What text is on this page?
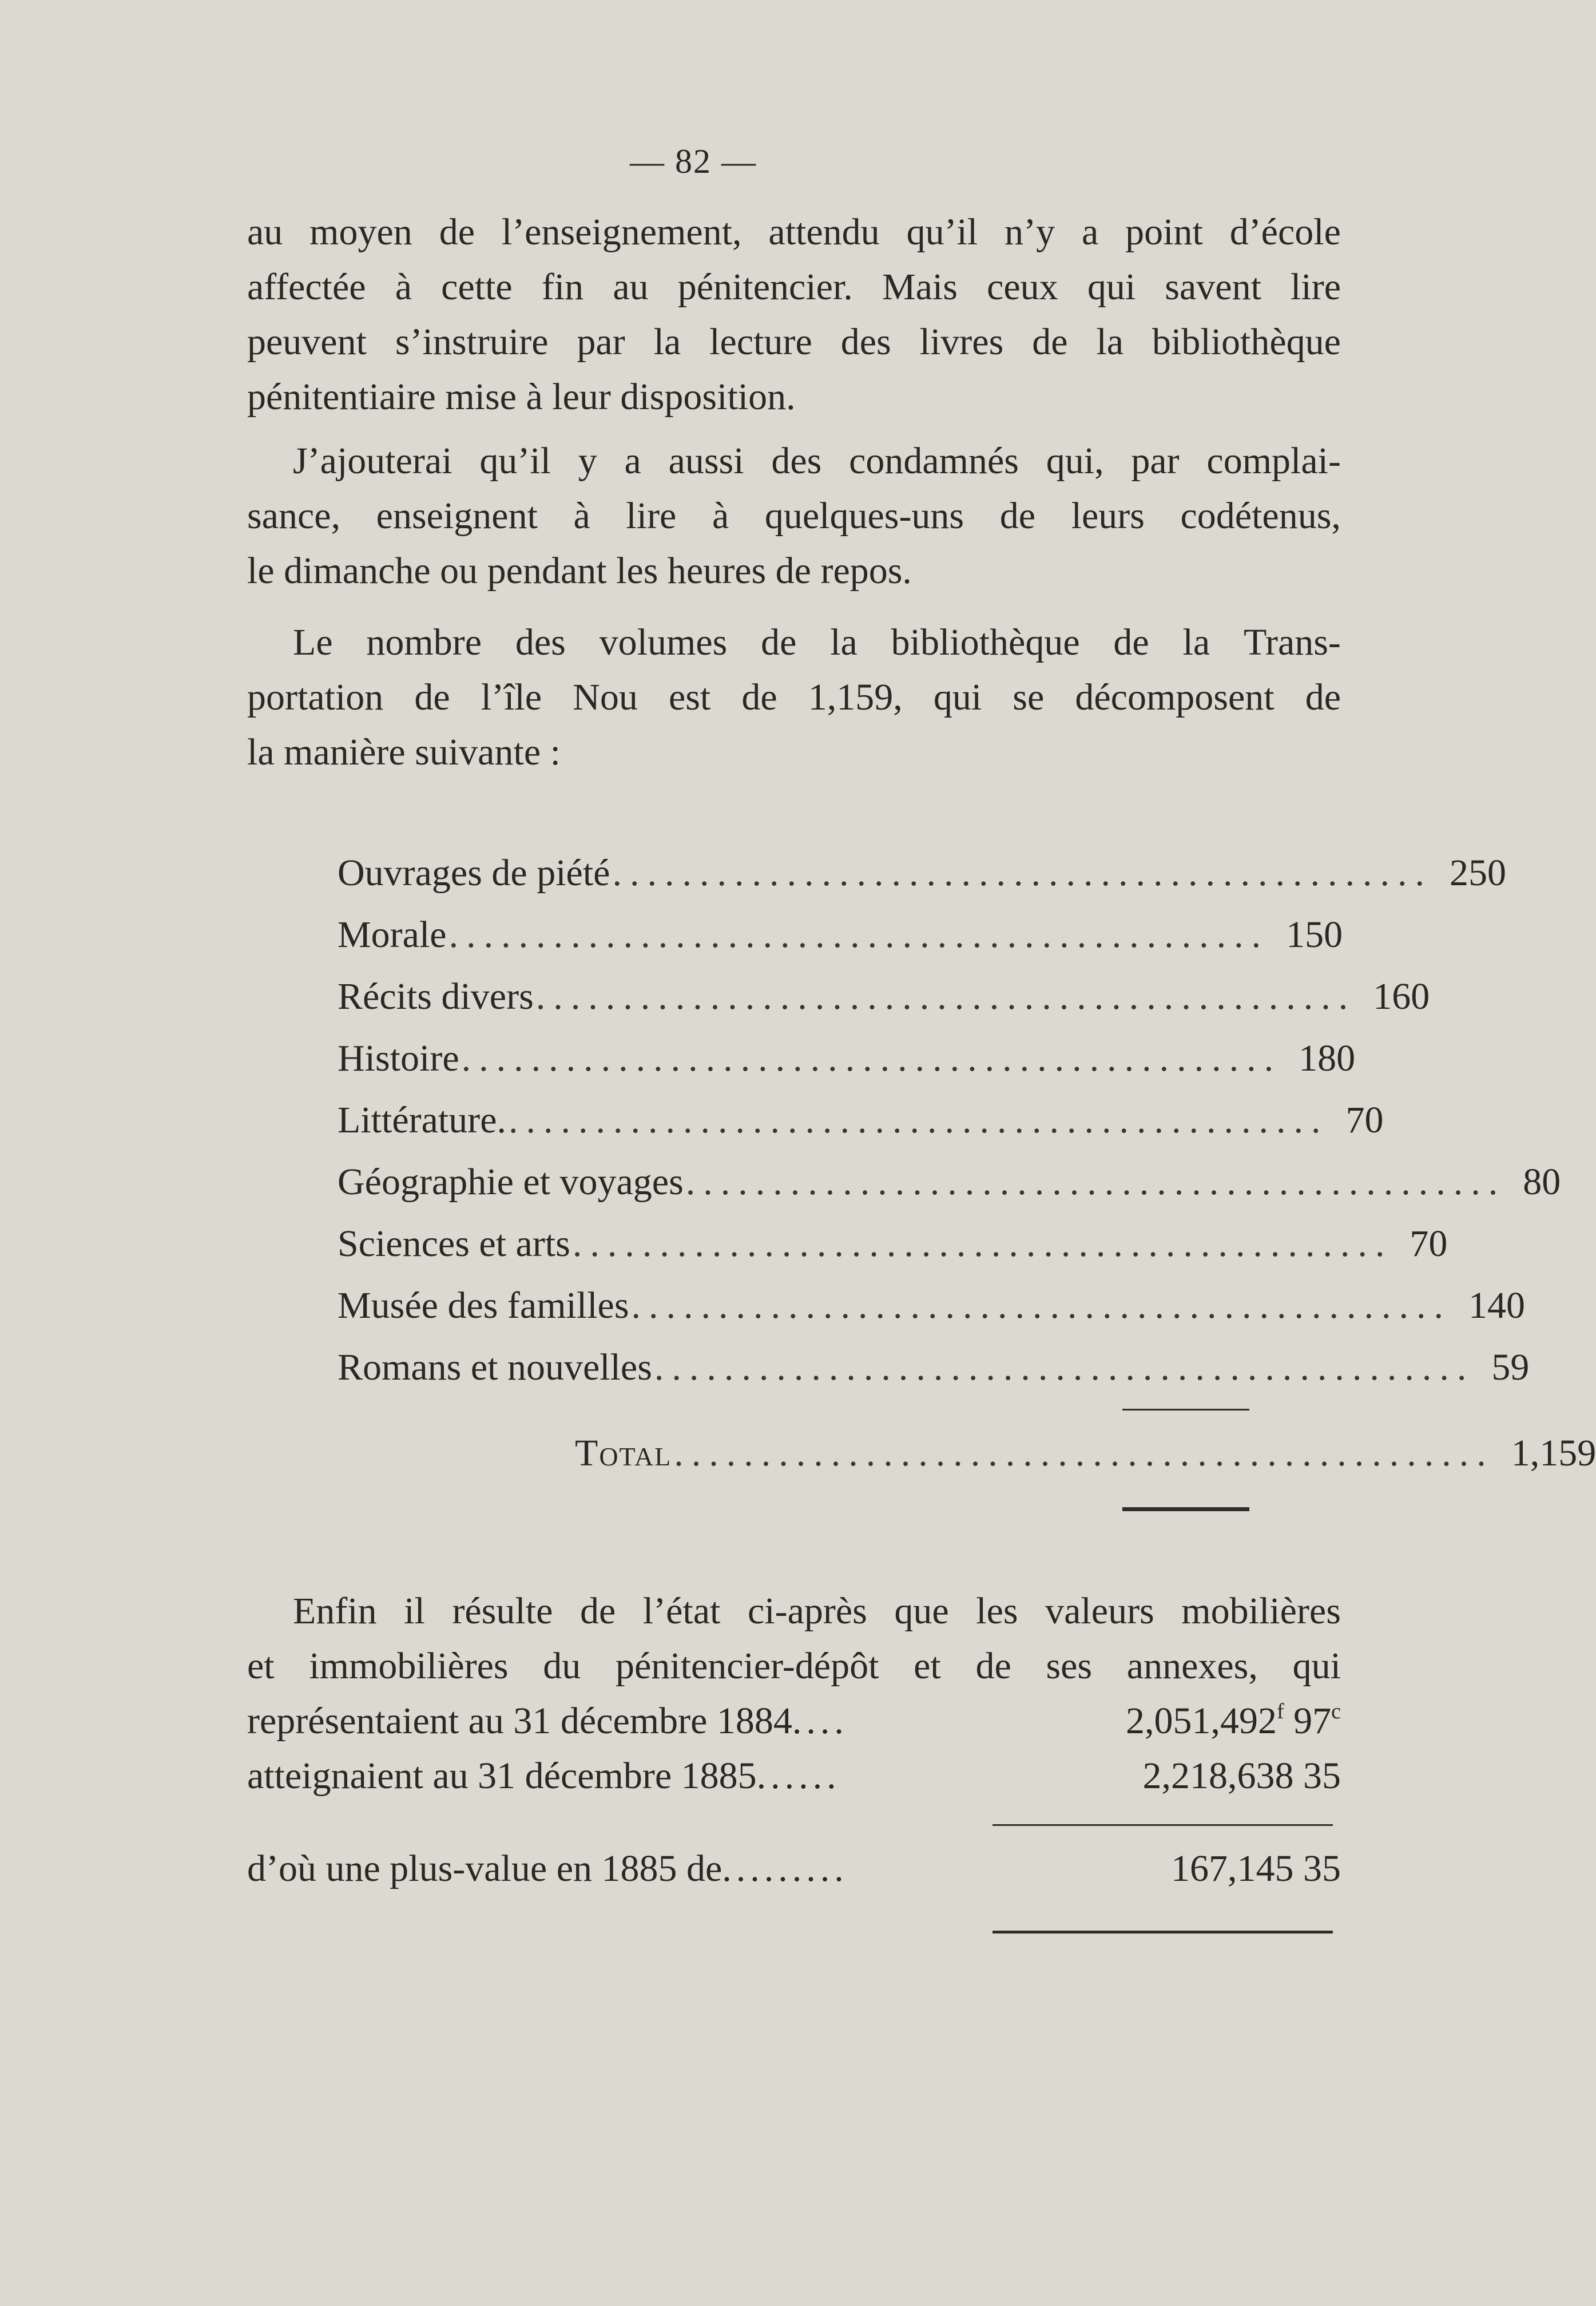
— 82 —
au moyen de l’enseignement, attendu qu’il n’y a point d’école
affectée à cette fin au pénitencier. Mais ceux qui savent lire
peuvent s’instruire par la lecture des livres de la bibliothèque
pénitentiaire mise à leur disposition.
J’ajouterai qu’il y a aussi des condamnés qui, par complai-
sance, enseignent à lire à quelques-uns de leurs codétenus,
le dimanche ou pendant les heures de repos.
Le nombre des volumes de la bibliothèque de la Trans-
portation de l’île Nou est de 1,159, qui se décomposent de
la manière suivante :
Ouvrages de piété ............................................... 250
Morale ............................................... 150
Récits divers ............................................... 160
Histoire ............................................... 180
Littérature. ............................................... 70
Géographie et voyages ............................................... 80
Sciences et arts ............................................... 70
Musée des familles ............................................... 140
Romans et nouvelles ............................................... 59
Total ............................................... 1,159
Enfin il résulte de l’état ci-après que les valeurs mobilières
et immobilières du pénitencier-dépôt et de ses annexes, qui
représentaient au 31 décembre 1884 ....	2,051,492$^f$ 97$^c$
atteignaient au 31 décembre 1885 ......	2,218,638 35
d’où une plus-value en 1885 de .........	167,145 35
